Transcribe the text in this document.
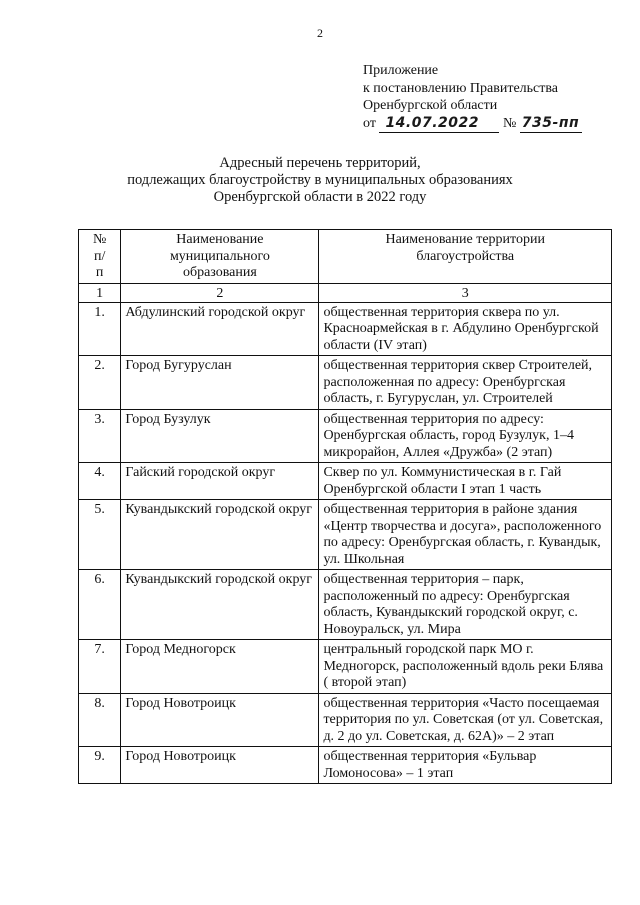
2
Приложение
к постановлению Правительства
Оренбургской области
от 14.07.2022 № 735-пп
Адресный перечень территорий,
подлежащих благоустройству в муниципальных образованиях
Оренбургской области в 2022 году
№ п/п	Наименование муниципального образования	Наименование территории благоустройства
1	2	3
1.	Абдулинский городской округ	общественная территория сквера по ул. Красноармейская в г. Абдулино Оренбургской области (IV этап)
2.	Город Бугуруслан	общественная территория сквер Строителей, расположенная по адресу: Оренбургская область, г. Бугуруслан, ул. Строителей
3.	Город Бузулук	общественная территория по адресу: Оренбургская область, город Бузулук, 1–4 микрорайон, Аллея «Дружба» (2 этап)
4.	Гайский городской округ	Сквер по ул. Коммунистическая в г. Гай Оренбургской области I этап 1 часть
5.	Кувандыкский городской округ	общественная территория в районе здания «Центр творчества и досуга», расположенного по адресу: Оренбургская область, г. Кувандык, ул. Школьная
6.	Кувандыкский городской округ	общественная территория – парк, расположенный по адресу: Оренбургская область, Кувандыкский городской округ, с. Новоуральск, ул. Мира
7.	Город Медногорск	центральный городской парк МО г. Медногорск, расположенный вдоль реки Блява ( второй этап)
8.	Город Новотроицк	общественная территория «Часто посещаемая территория по ул. Советская (от ул. Советская, д. 2 до ул. Советская, д. 62А)» – 2 этап
9.	Город Новотроицк	общественная территория «Бульвар Ломоносова» – 1 этап
